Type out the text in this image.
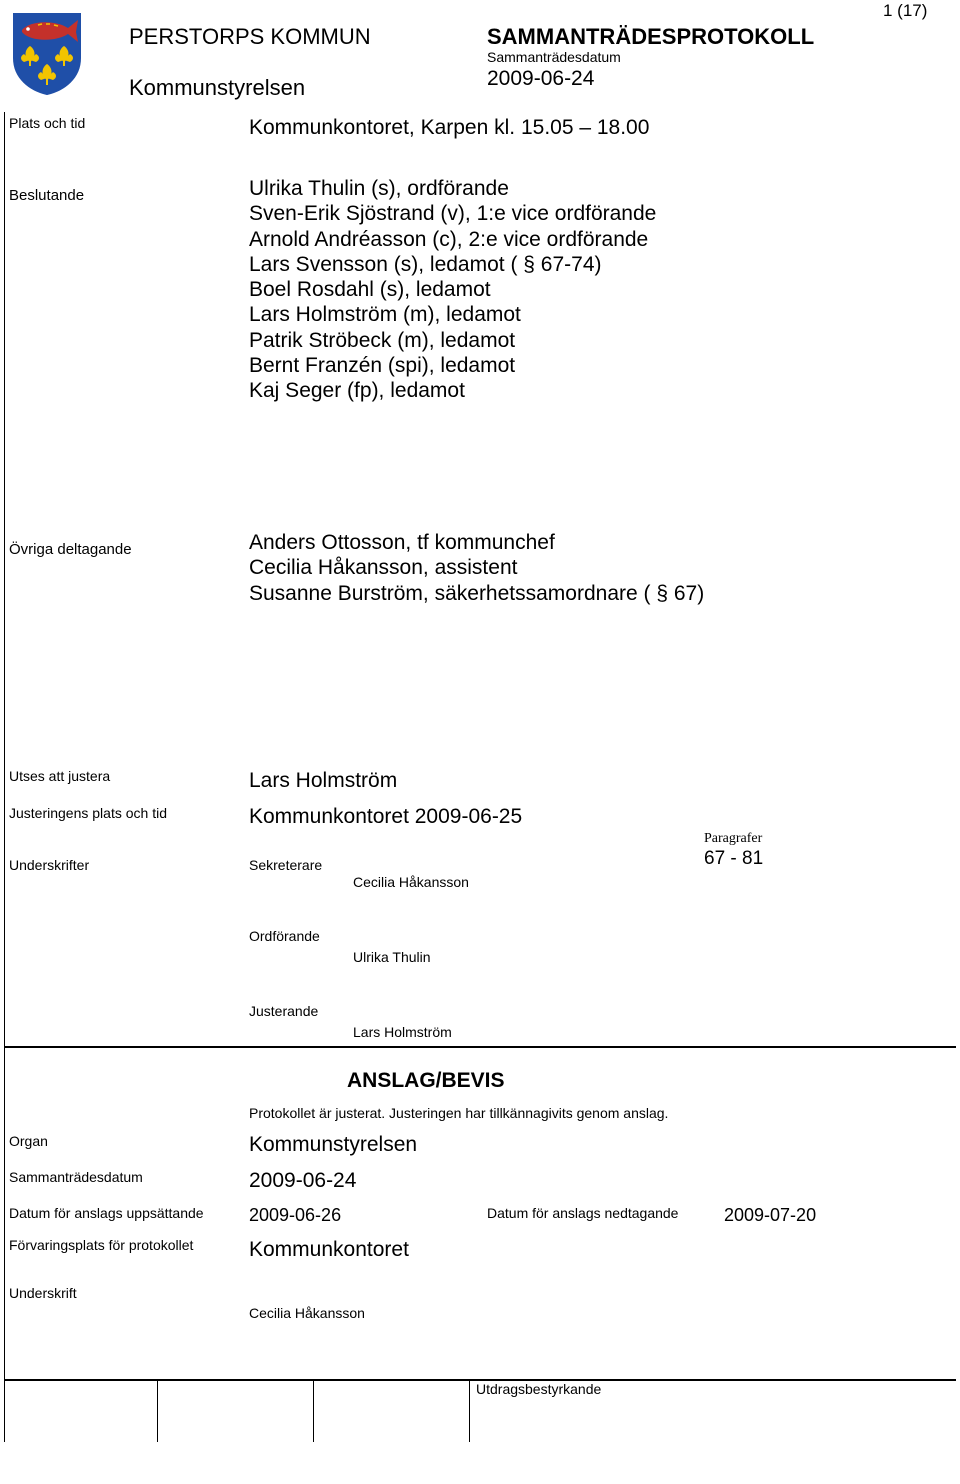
PERSTORPS KOMMUN
Kommunstyrelsen
SAMMANTRÄDESPROTOKOLL
Sammanträdesdatum
2009-06-24
1 (17)
Plats och tid	Kommunkontoret, Karpen kl. 15.05 – 18.00
Beslutande	Ulrika Thulin (s), ordförande
Sven-Erik Sjöstrand (v), 1:e vice ordförande
Arnold Andréasson (c), 2:e vice ordförande
Lars Svensson (s), ledamot ( § 67-74)
Boel Rosdahl (s), ledamot
Lars Holmström (m), ledamot
Patrik Ströbeck (m), ledamot
Bernt Franzén (spi), ledamot
Kaj Seger (fp), ledamot
Övriga deltagande	Anders Ottosson, tf kommunchef
Cecilia Håkansson, assistent
Susanne Burström, säkerhetssamordnare ( § 67)
Utses att justera	Lars Holmström
Justeringens plats och tid	Kommunkontoret 2009-06-25
Underskrifter	Sekreterare
Cecilia Håkansson
Paragrafer
67 - 81
Ordförande
Ulrika Thulin
Justerande
Lars Holmström
ANSLAG/BEVIS
Protokollet är justerat. Justeringen har tillkännagivits genom anslag.
Organ	Kommunstyrelsen
Sammanträdesdatum	2009-06-24
Datum för anslags uppsättande	2009-06-26	Datum för anslags nedtagande	2009-07-20
Förvaringsplats för protokollet	Kommunkontoret
Underskrift
Cecilia Håkansson
Utdragsbestyrkande
